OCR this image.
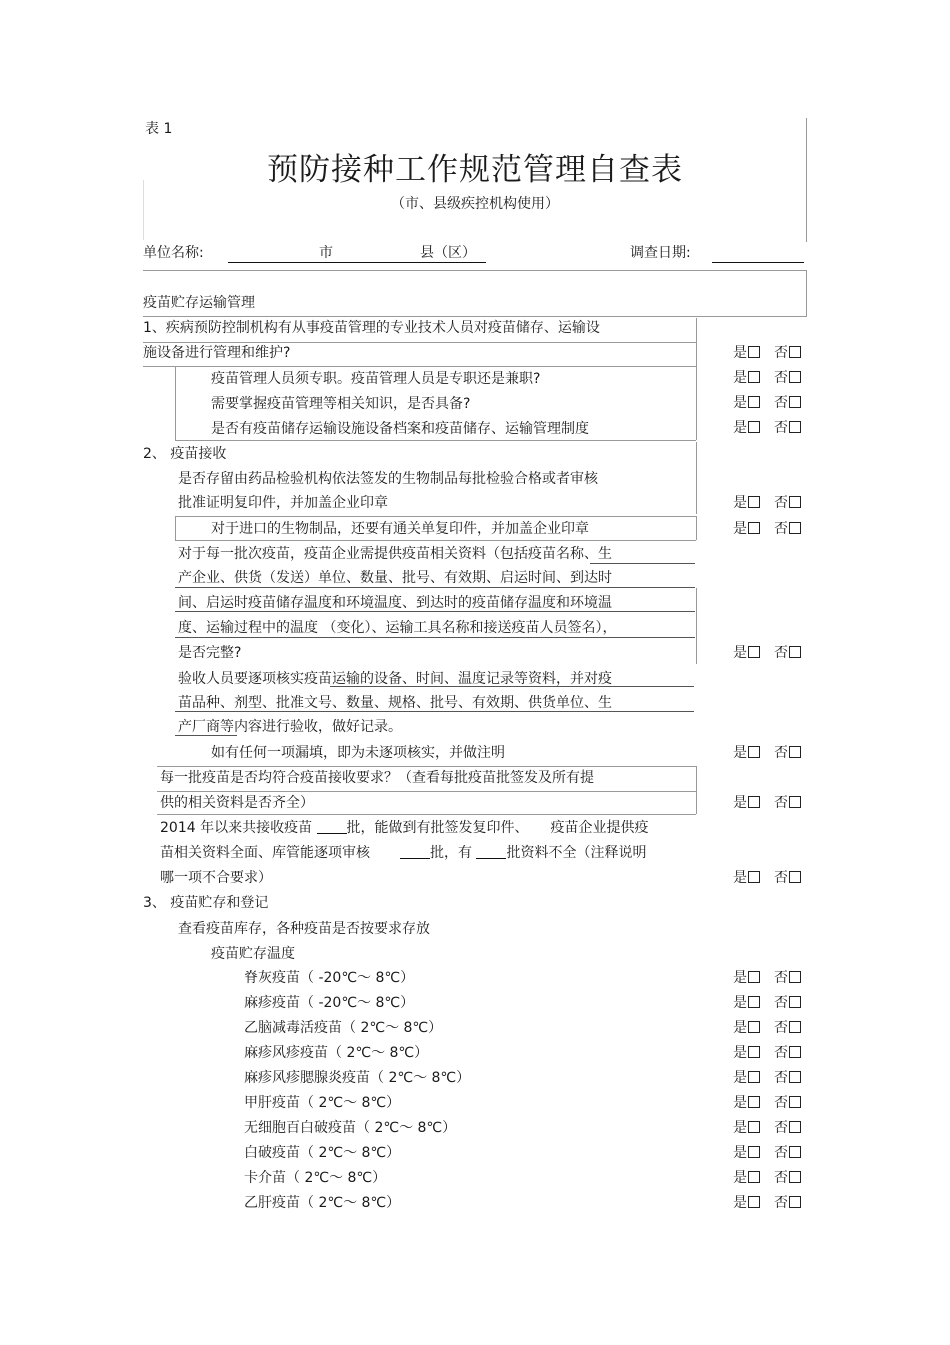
表 1
预防接种工作规范管理自查表
（市、县级疾控机构使用）
单位名称:	市	县（区）	调查日期:
疫苗贮存运输管理
1、疾病预防控制机构有从事疫苗管理的专业技术人员对疫苗储存、运输设
施设备进行管理和维护?	是 否
疫苗管理人员须专职。疫苗管理人员是专职还是兼职?	是 否
需要掌握疫苗管理等相关知识，是否具备?	是 否
是否有疫苗储存运输设施设备档案和疫苗储存、运输管理制度	是 否
2、 疫苗接收
是否存留由药品检验机构依法签发的生物制品每批检验合格或者审核
批准证明复印件，并加盖企业印章	是 否
对于进口的生物制品，还要有通关单复印件，并加盖企业印章	是 否
对于每一批次疫苗，疫苗企业需提供疫苗相关资料（包括疫苗名称、生
产企业、供货（发送）单位、数量、批号、有效期、启运时间、到达时
间、启运时疫苗储存温度和环境温度、到达时的疫苗储存温度和环境温
度、运输过程中的温度 （变化）、运输工具名称和接送疫苗人员签名），
是否完整?	是 否
验收人员要逐项核实疫苗运输的设备、时间、温度记录等资料，并对疫
苗品种、剂型、批准文号、数量、规格、批号、有效期、供货单位、生
产厂商等内容进行验收，做好记录。
如有任何一项漏填，即为未逐项核实，并做注明	是 否
每一批疫苗是否均符合疫苗接收要求？（查看每批疫苗批签发及所有提
供的相关资料是否齐全）	是 否
2014 年以来共接收疫苗 批，能做到有批签发复印件、 疫苗企业提供疫
苗相关资料全面、库管能逐项审核	批，有 批资料不全（注释说明
哪一项不合要求）	是 否
3、 疫苗贮存和登记
查看疫苗库存，各种疫苗是否按要求存放
疫苗贮存温度
脊灰疫苗（ -20℃～ 8℃）	是 否
麻疹疫苗（ -20℃～ 8℃）	是 否
乙脑减毒活疫苗（ 2℃～ 8℃）	是 否
麻疹风疹疫苗（ 2℃～ 8℃）	是 否
麻疹风疹腮腺炎疫苗（ 2℃～ 8℃）	是 否
甲肝疫苗（ 2℃～ 8℃）	是 否
无细胞百白破疫苗（ 2℃～ 8℃）	是 否
白破疫苗（ 2℃～ 8℃）	是 否
卡介苗（ 2℃～ 8℃）	是 否
乙肝疫苗（ 2℃～ 8℃）	是 否
